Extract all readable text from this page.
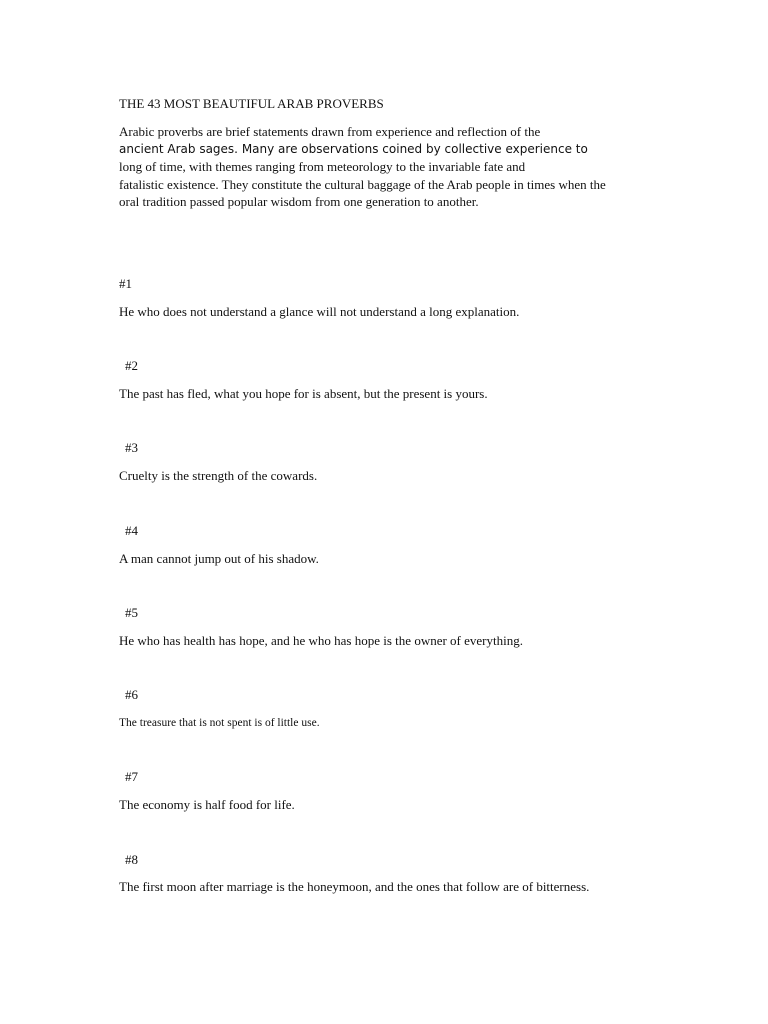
THE 43 MOST BEAUTIFUL ARAB PROVERBS
Arabic proverbs are brief statements drawn from experience and reflection of the
ancient Arab sages. Many are observations coined by collective experience to
long of time, with themes ranging from meteorology to the invariable fate and
fatalistic existence. They constitute the cultural baggage of the Arab people in times when the
oral tradition passed popular wisdom from one generation to another.
#1
He who does not understand a glance will not understand a long explanation.
#2
The past has fled, what you hope for is absent, but the present is yours.
#3
Cruelty is the strength of the cowards.
#4
A man cannot jump out of his shadow.
#5
He who has health has hope, and he who has hope is the owner of everything.
#6
The treasure that is not spent is of little use.
#7
The economy is half food for life.
#8
The first moon after marriage is the honeymoon, and the ones that follow are of bitterness.
